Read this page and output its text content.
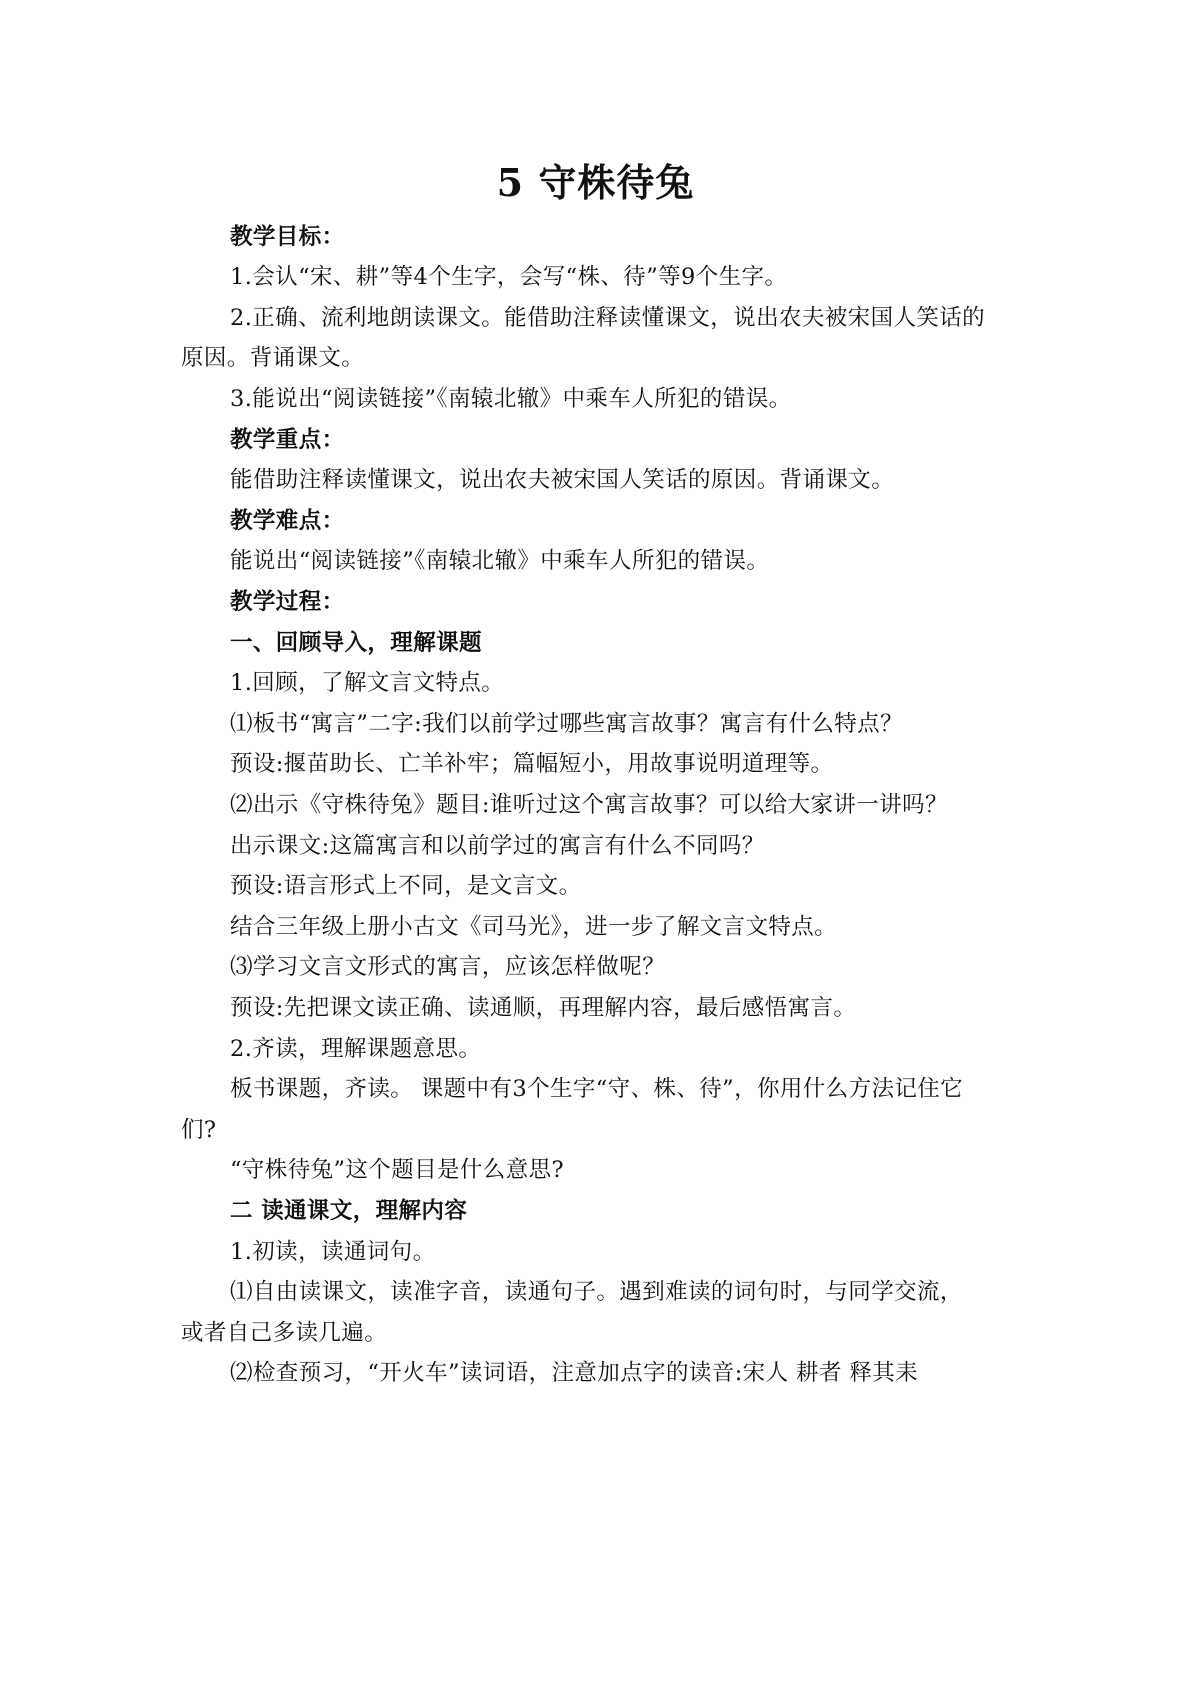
5 守株待兔
教学目标：
1.会认“宋、耕”等4个生字，会写“株、待”等9个生字。
2.正确、流利地朗读课文。能借助注释读懂课文，说出农夫被宋国人笑话的
原因。背诵课文。
3.能说出“阅读链接”《南辕北辙》中乘车人所犯的错误。
教学重点：
能借助注释读懂课文，说出农夫被宋国人笑话的原因。背诵课文。
教学难点：
能说出“阅读链接”《南辕北辙》中乘车人所犯的错误。
教学过程：
一、回顾导入，理解课题
1.回顾，了解文言文特点。
⑴板书“寓言”二字:我们以前学过哪些寓言故事？寓言有什么特点？
预设:揠苗助长、亡羊补牢；篇幅短小，用故事说明道理等。
⑵出示《守株待兔》题目:谁听过这个寓言故事？可以给大家讲一讲吗？
出示课文:这篇寓言和以前学过的寓言有什么不同吗？
预设:语言形式上不同，是文言文。
结合三年级上册小古文《司马光》，进一步了解文言文特点。
⑶学习文言文形式的寓言，应该怎样做呢？
预设:先把课文读正确、读通顺，再理解内容，最后感悟寓言。
2.齐读，理解课题意思。
板书课题，齐读。 课题中有3个生字“守、株、待”，你用什么方法记住它
们?
“守株待兔”这个题目是什么意思?
二 读通课文，理解内容
1.初读，读通词句。
⑴自由读课文，读准字音，读通句子。遇到难读的词句时，与同学交流，
或者自己多读几遍。
⑵检查预习，“开火车”读词语，注意加点字的读音:宋人 耕者 释其耒
